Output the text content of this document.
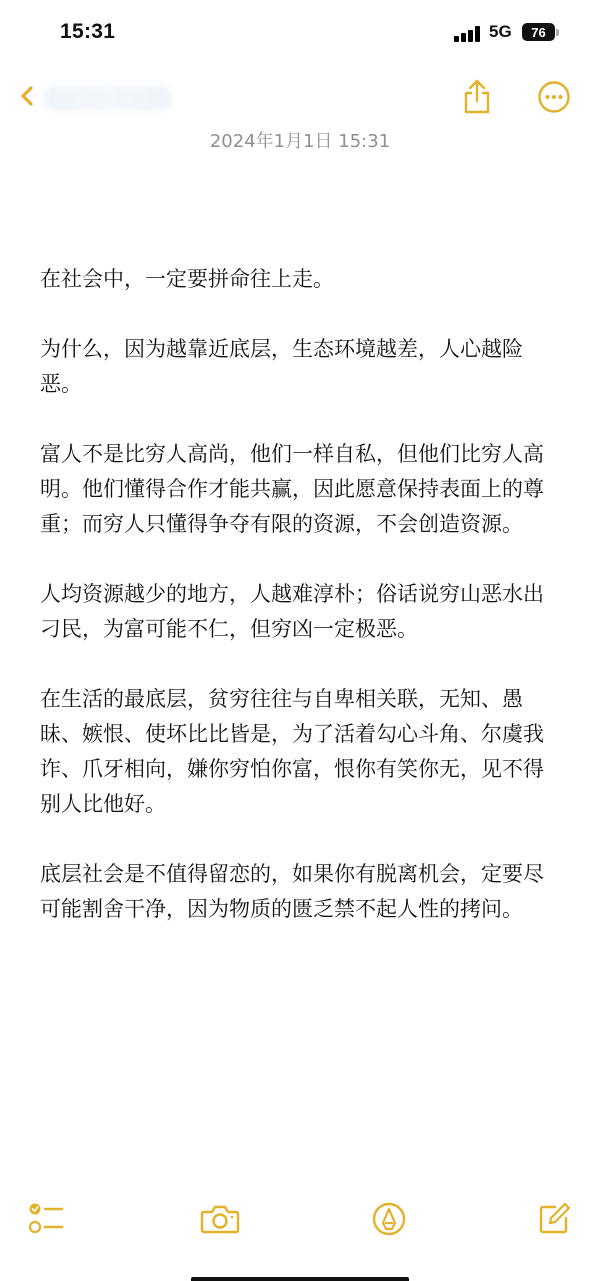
15:31	5G 76
2024年1月1日 15:31

在社会中，一定要拼命往上走。

为什么，因为越靠近底层，生态环境越差，人心越险恶。

富人不是比穷人高尚，他们一样自私，但他们比穷人高明。他们懂得合作才能共赢，因此愿意保持表面上的尊重；而穷人只懂得争夺有限的资源，不会创造资源。

人均资源越少的地方，人越难淳朴；俗话说穷山恶水出刁民，为富可能不仁，但穷凶一定极恶。

在生活的最底层，贫穷往往与自卑相关联，无知、愚昧、嫉恨、使坏比比皆是，为了活着勾心斗角、尔虞我诈、爪牙相向，嫌你穷怕你富，恨你有笑你无，见不得别人比他好。

底层社会是不值得留恋的，如果你有脱离机会，定要尽可能割舍干净，因为物质的匮乏禁不起人性的拷问。
